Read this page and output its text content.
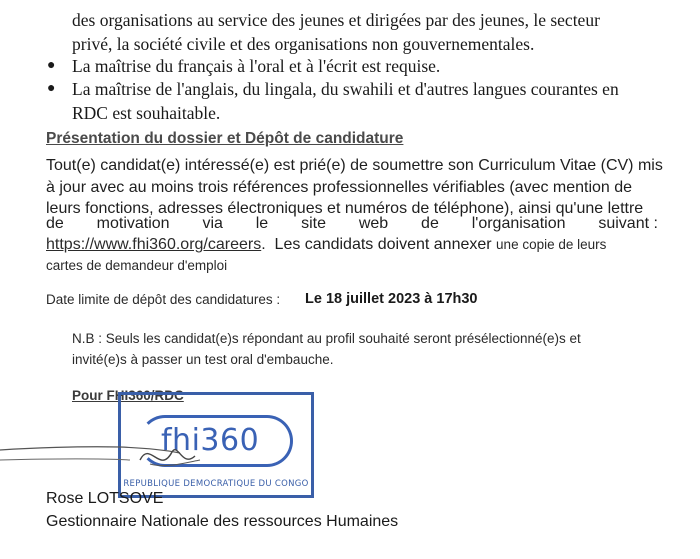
des organisations au service des jeunes et dirigées par des jeunes, le secteur
privé, la société civile et des organisations non gouvernementales.
● La maîtrise du français à l'oral et à l'écrit est requise.
● La maîtrise de l'anglais, du lingala, du swahili et d'autres langues courantes en
RDC est souhaitable.
Présentation du dossier et Dépôt de candidature
Tout(e) candidat(e) intéressé(e) est prié(e) de soumettre son Curriculum Vitae (CV) mis
à jour avec au moins trois références professionnelles vérifiables (avec mention de
leurs fonctions, adresses électroniques et numéros de téléphone), ainsi qu'une lettre
de motivation via le site web de l'organisation suivant :
https://www.fhi360.org/careers.  Les candidats doivent annexer une copie de leurs
cartes de demandeur d'emploi
Date limite de dépôt des candidatures : Le 18 juillet 2023 à 17h30
N.B : Seuls les candidat(e)s répondant au profil souhaité seront présélectionné(e)s et
invité(e)s à passer un test oral d'embauche.
Pour FHI360/RDC
fhi360
REPUBLIQUE DEMOCRATIQUE DU CONGO
Rose LOTSOVE
Gestionnaire Nationale des ressources Humaines
